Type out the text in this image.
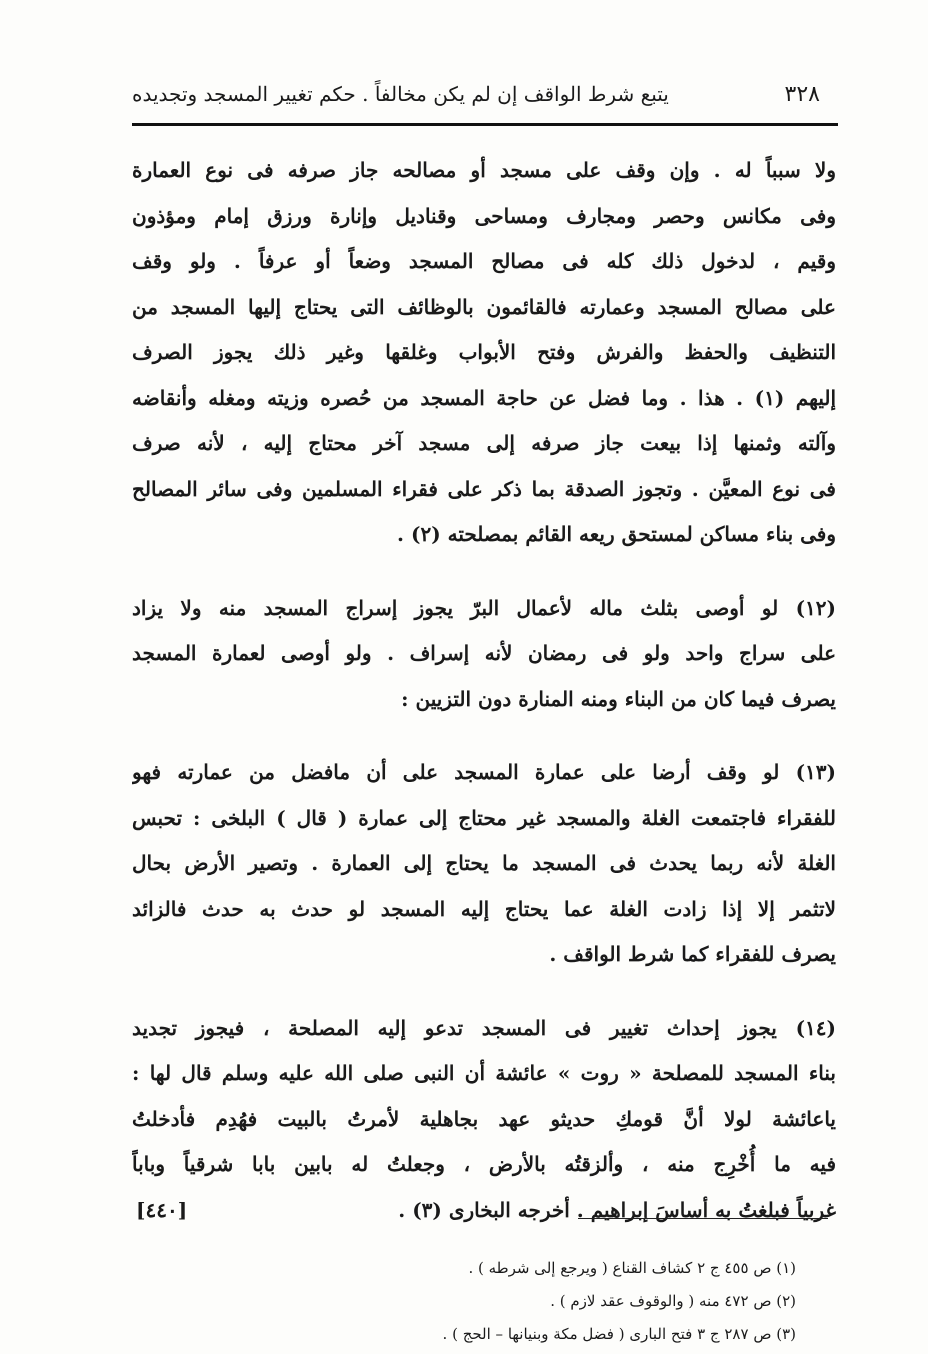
٣٢٨
يتبع شرط الواقف إن لم يكن مخالفاً . حكم تغيير المسجد وتجديده
ولا سبباً له . وإن وقف على مسجد أو مصالحه جاز صرفه فى نوع العمارة
وفى مكانس وحصر ومجارف ومساحى وقناديل وإنارة ورزق إمام ومؤذون
وقيم ، لدخول ذلك كله فى مصالح المسجد وضعاً أو عرفاً . ولو وقف
على مصالح المسجد وعمارته فالقائمون بالوظائف التى يحتاج إليها المسجد من
التنظيف والحفظ والفرش وفتح الأبواب وغلقها وغير ذلك يجوز الصرف
إليهم (١) . هذا . وما فضل عن حاجة المسجد من حُصره وزيته ومغله وأنقاضه
وآلته وثمنها إذا بيعت جاز صرفه إلى مسجد آخر محتاج إليه ، لأنه صرف
فى نوع المعيَّن . وتجوز الصدقة بما ذكر على فقراء المسلمين وفى سائر المصالح
وفى بناء مساكن لمستحق ريعه القائم بمصلحته (٢) .
(١٢) لو أوصى بثلث ماله لأعمال البرّ يجوز إسراج المسجد منه ولا يزاد
على سراج واحد ولو فى رمضان لأنه إسراف . ولو أوصى لعمارة المسجد
يصرف فيما كان من البناء ومنه المنارة دون التزيين :
(١٣) لو وقف أرضا على عمارة المسجد على أن مافضل من عمارته فهو
للفقراء فاجتمعت الغلة والمسجد غير محتاج إلى عمارة ( قال ) البلخى : تحبس
الغلة لأنه ربما يحدث فى المسجد ما يحتاج إلى العمارة . وتصير الأرض بحال
لاتثمر إلا إذا زادت الغلة عما يحتاج إليه المسجد لو حدث به حدث فالزائد
يصرف للفقراء كما شرط الواقف .
(١٤) يجوز إحداث تغيير فى المسجد تدعو إليه المصلحة ، فيجوز تجديد
بناء المسجد للمصلحة « روت » عائشة أن النبى صلى الله عليه وسلم قال لها :
ياعائشة لولا أنَّ قومكِ حديثو عهد بجاهلية لأمرتُ بالبيت فهُدِم فأدخلتُ
فيه ما أُخْرِج منه ، وألزقتُه بالأرض ، وجعلتُ له بابين بابا شرقياً وباباً
غربياً فبلغتُ به أساسَ إبراهيم . أخرجه البخارى (٣) .
[٤٤٠]
(١) ص ٤٥٥ ج ٢ كشاف القناع ( ويرجع إلى شرطه ) .
(٢) ص ٤٧٢ منه ( والوقوف عقد لازم ) .
(٣) ص ٢٨٧ ج ٣ فتح البارى ( فضل مكة وبنيانها – الحج ) .
